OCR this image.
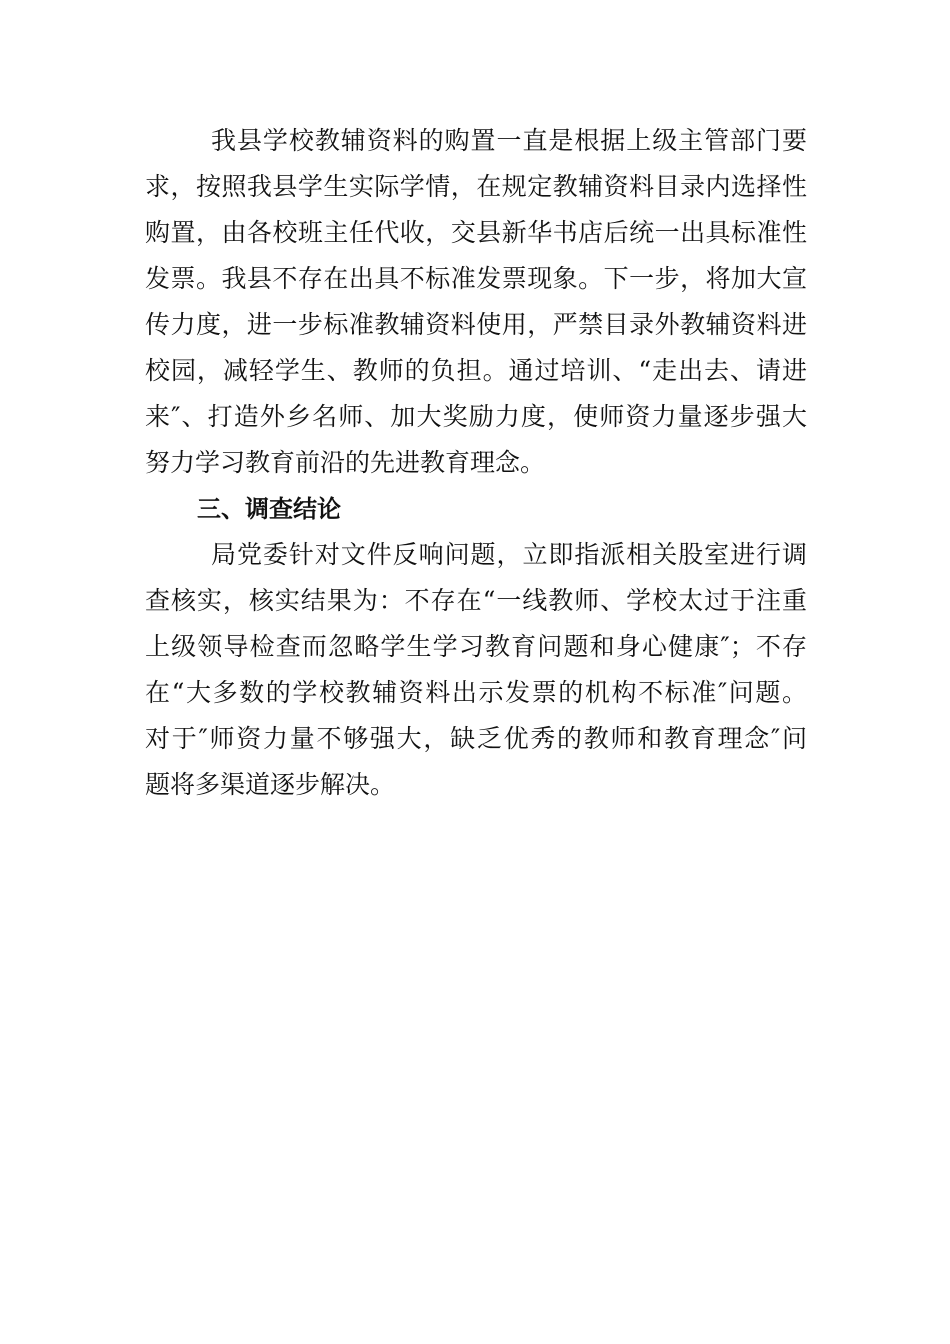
我县学校教辅资料的购置一直是根据上级主管部门要
求，按照我县学生实际学情，在规定教辅资料目录内选择性
购置，由各校班主任代收，交县新华书店后统一出具标准性
发票。我县不存在出具不标准发票现象。下一步，将加大宣
传力度，进一步标准教辅资料使用，严禁目录外教辅资料进
校园，减轻学生、教师的负担。通过培训、“走出去、请进
来″、打造外乡名师、加大奖励力度，使师资力量逐步强大
努力学习教育前沿的先进教育理念。
三、调查结论
局党委针对文件反响问题，立即指派相关股室进行调
查核实，核实结果为：不存在“一线教师、学校太过于注重
上级领导检查而忽略学生学习教育问题和身心健康″；不存
在“大多数的学校教辅资料出示发票的机构不标准″问题。
对于″师资力量不够强大，缺乏优秀的教师和教育理念″问
题将多渠道逐步解决。
